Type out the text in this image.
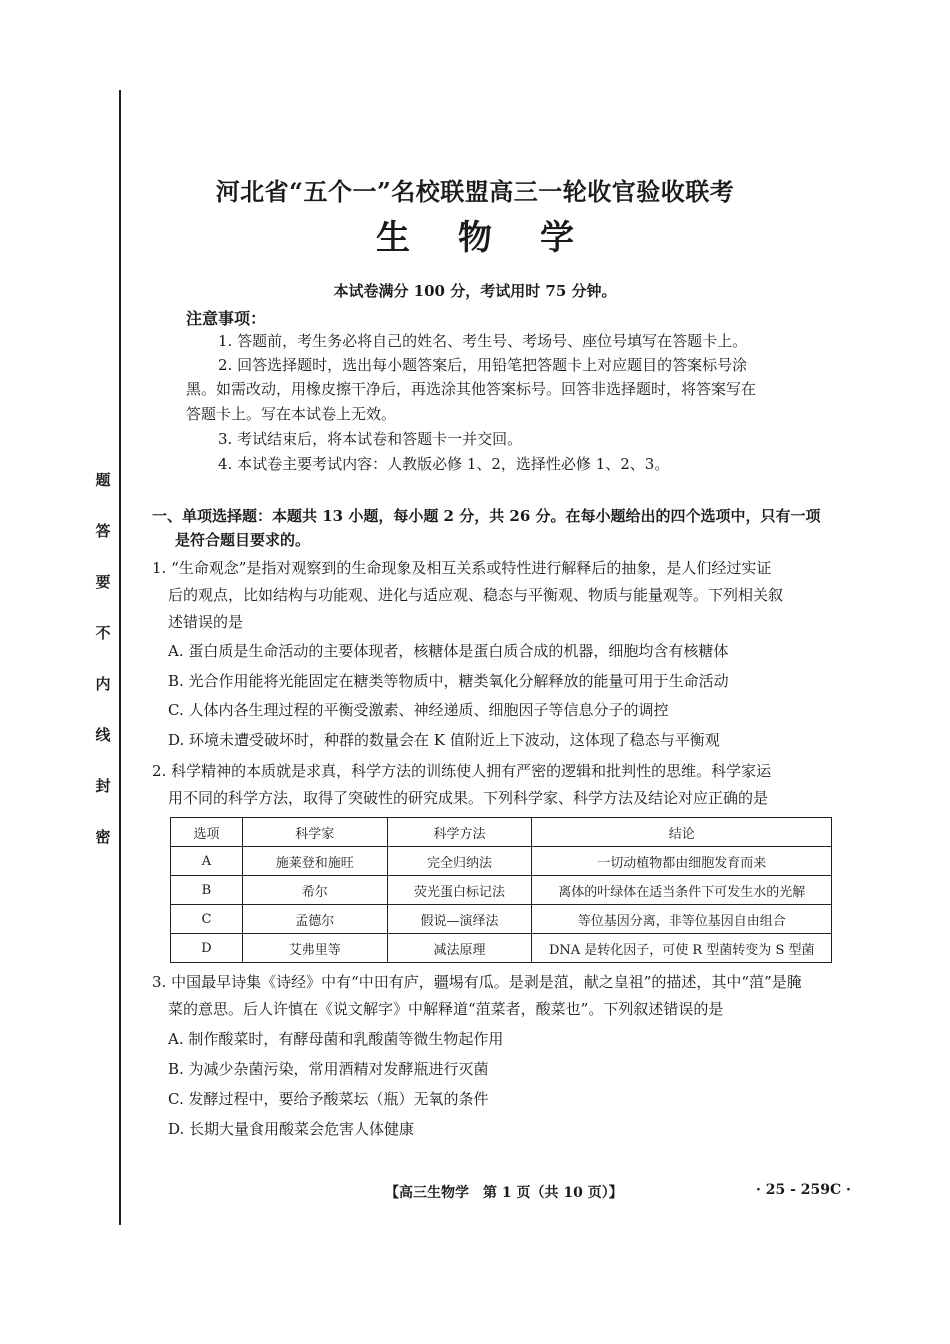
题
答
要
不
内
线
封
密
河北省“五个一”名校联盟高三一轮收官验收联考
生物学
本试卷满分 100 分，考试用时 75 分钟。
注意事项：
1. 答题前，考生务必将自己的姓名、考生号、考场号、座位号填写在答题卡上。
2. 回答选择题时，选出每小题答案后，用铅笔把答题卡上对应题目的答案标号涂
黑。如需改动，用橡皮擦干净后，再选涂其他答案标号。回答非选择题时，将答案写在
答题卡上。写在本试卷上无效。
3. 考试结束后，将本试卷和答题卡一并交回。
4. 本试卷主要考试内容：人教版必修 1、2，选择性必修 1、2、3。
一、单项选择题：本题共 13 小题，每小题 2 分，共 26 分。在每小题给出的四个选项中，只有一项
是符合题目要求的。
1. “生命观念”是指对观察到的生命现象及相互关系或特性进行解释后的抽象，是人们经过实证
后的观点，比如结构与功能观、进化与适应观、稳态与平衡观、物质与能量观等。下列相关叙
述错误的是
A. 蛋白质是生命活动的主要体现者，核糖体是蛋白质合成的机器，细胞均含有核糖体
B. 光合作用能将光能固定在糖类等物质中，糖类氧化分解释放的能量可用于生命活动
C. 人体内各生理过程的平衡受激素、神经递质、细胞因子等信息分子的调控
D. 环境未遭受破坏时，种群的数量会在 K 值附近上下波动，这体现了稳态与平衡观
2. 科学精神的本质就是求真，科学方法的训练使人拥有严密的逻辑和批判性的思维。科学家运
用不同的科学方法，取得了突破性的研究成果。下列科学家、科学方法及结论对应正确的是
选项	科学家	科学方法	结论
A	施莱登和施旺	完全归纳法	一切动植物都由细胞发育而来
B	希尔	荧光蛋白标记法	离体的叶绿体在适当条件下可发生水的光解
C	孟德尔	假说—演绎法	等位基因分离，非等位基因自由组合
D	艾弗里等	减法原理	DNA 是转化因子，可使 R 型菌转变为 S 型菌
3. 中国最早诗集《诗经》中有“中田有庐，疆埸有瓜。是剥是菹，献之皇祖”的描述，其中“菹”是腌
菜的意思。后人许慎在《说文解字》中解释道“菹菜者，酸菜也”。下列叙述错误的是
A. 制作酸菜时，有酵母菌和乳酸菌等微生物起作用
B. 为减少杂菌污染，常用酒精对发酵瓶进行灭菌
C. 发酵过程中，要给予酸菜坛（瓶）无氧的条件
D. 长期大量食用酸菜会危害人体健康
【高三生物学　第 1 页（共 10 页）】	· 25 - 259C ·
